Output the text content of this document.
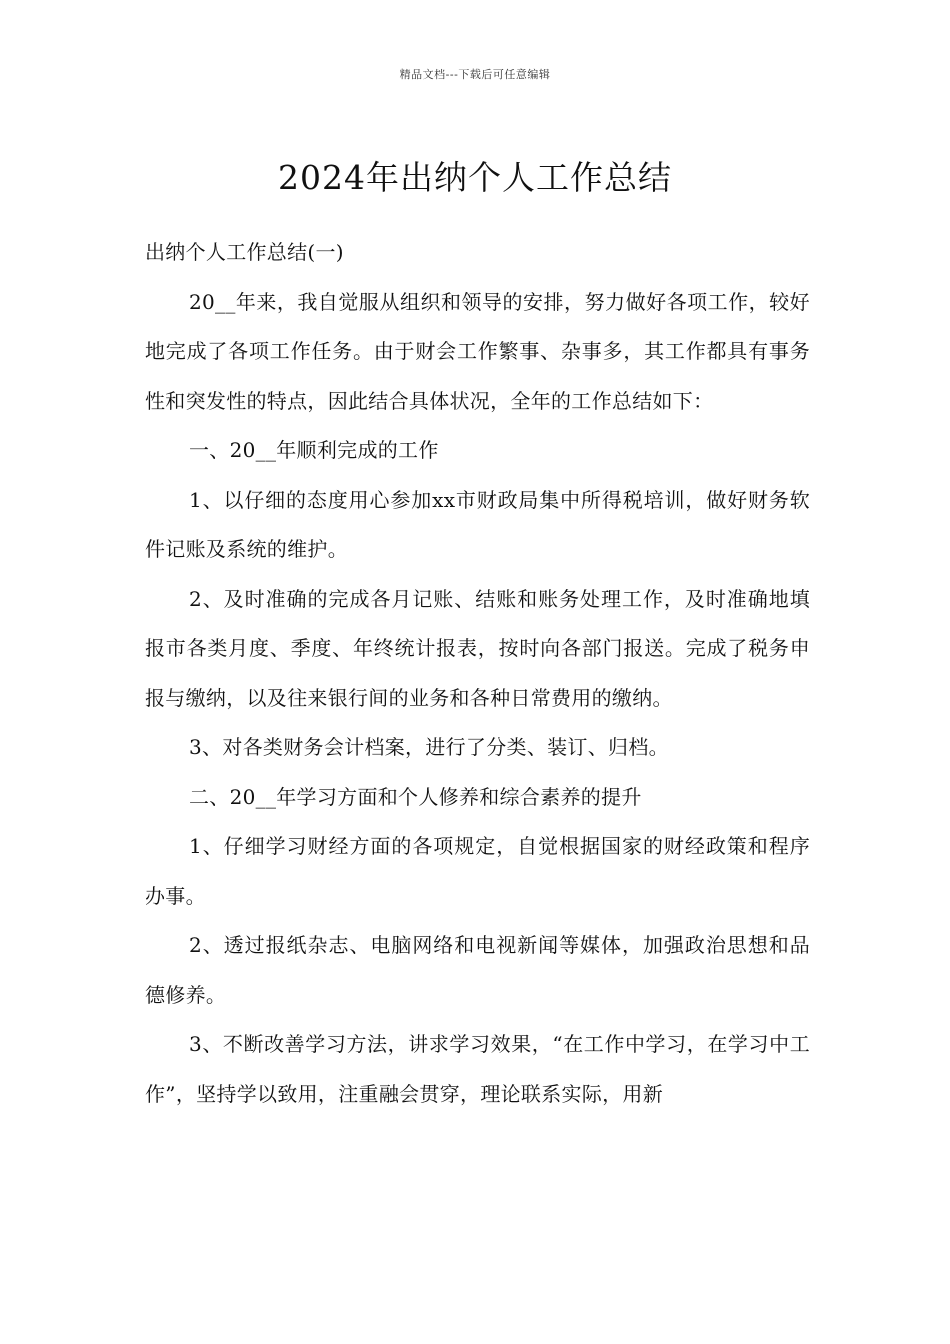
精品文档---下载后可任意编辑
2024年出纳个人工作总结

出纳个人工作总结(一)

20__年来，我自觉服从组织和领导的安排，努力做好各项工作，较好地完成了各项工作任务。由于财会工作繁事、杂事多，其工作都具有事务性和突发性的特点，因此结合具体状况，全年的工作总结如下：

一、20__年顺利完成的工作

1、以仔细的态度用心参加xx市财政局集中所得税培训，做好财务软件记账及系统的维护。

2、及时准确的完成各月记账、结账和账务处理工作，及时准确地填报市各类月度、季度、年终统计报表，按时向各部门报送。完成了税务申报与缴纳，以及往来银行间的业务和各种日常费用的缴纳。

3、对各类财务会计档案，进行了分类、装订、归档。

二、20__年学习方面和个人修养和综合素养的提升

1、仔细学习财经方面的各项规定，自觉根据国家的财经政策和程序办事。

2、透过报纸杂志、电脑网络和电视新闻等媒体，加强政治思想和品德修养。

3、不断改善学习方法，讲求学习效果，“在工作中学习，在学习中工作”，坚持学以致用，注重融会贯穿，理论联系实际，用新
